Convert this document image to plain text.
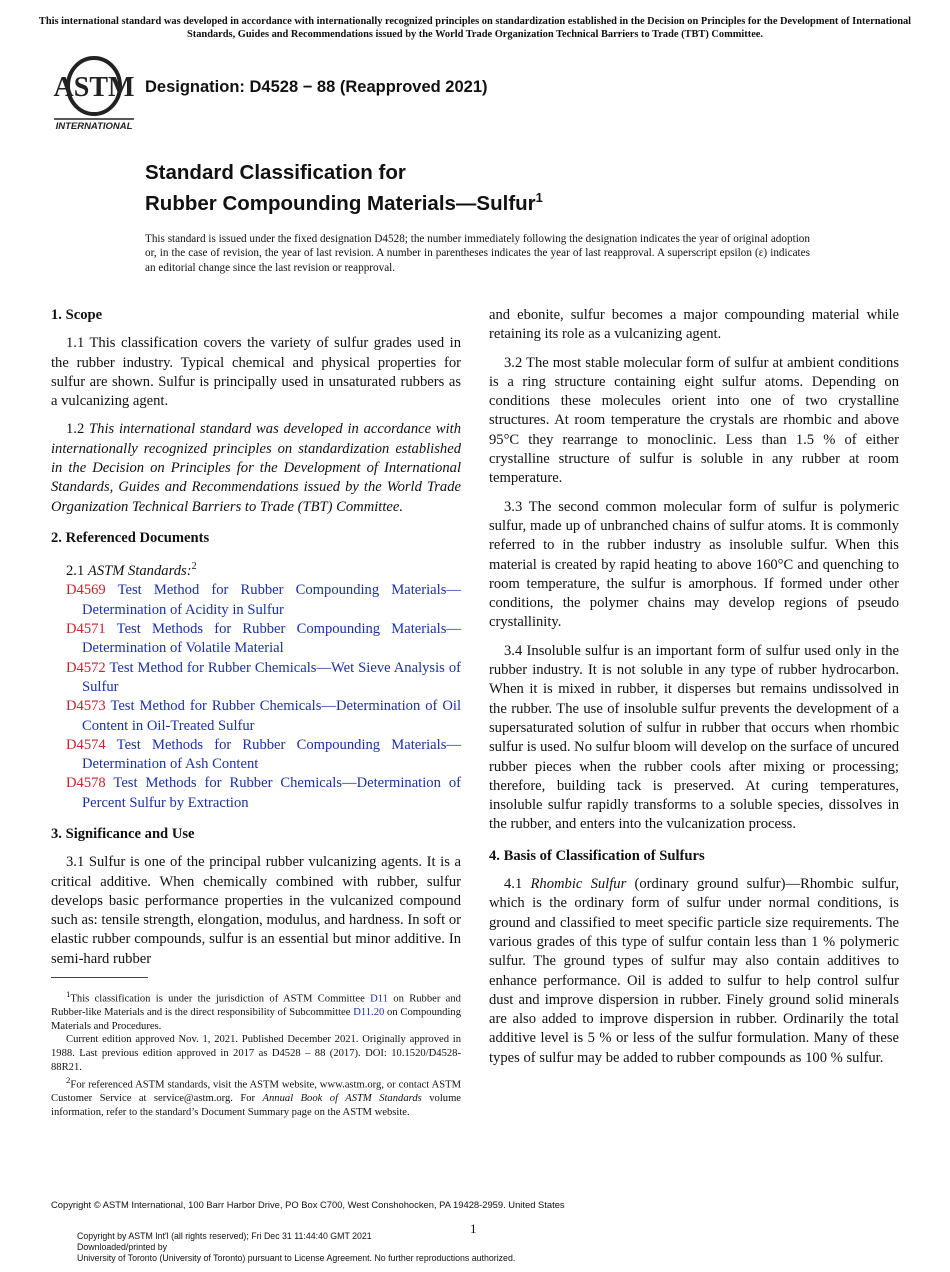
This international standard was developed in accordance with internationally recognized principles on standardization established in the Decision on Principles for the Development of International Standards, Guides and Recommendations issued by the World Trade Organization Technical Barriers to Trade (TBT) Committee.
ASTM
INTERNATIONAL
Designation: D4528 − 88 (Reapproved 2021)
Standard Classification for
Rubber Compounding Materials—Sulfur$^1$
This standard is issued under the fixed designation D4528; the number immediately following the designation indicates the year of original adoption or, in the case of revision, the year of last revision. A number in parentheses indicates the year of last reapproval. A superscript epsilon (ε) indicates an editorial change since the last revision or reapproval.
1. Scope

1.1 This classification covers the variety of sulfur grades used in the rubber industry. Typical chemical and physical properties for sulfur are shown. Sulfur is principally used in unsaturated rubbers as a vulcanizing agent.

1.2 This international standard was developed in accordance with internationally recognized principles on standardization established in the Decision on Principles for the Development of International Standards, Guides and Recommendations issued by the World Trade Organization Technical Barriers to Trade (TBT) Committee.

2. Referenced Documents

2.1 ASTM Standards:$^2$

D4569 Test Method for Rubber Compounding Materials—Determination of Acidity in Sulfur

D4571 Test Methods for Rubber Compounding Materials—Determination of Volatile Material

D4572 Test Method for Rubber Chemicals—Wet Sieve Analysis of Sulfur

D4573 Test Method for Rubber Chemicals—Determination of Oil Content in Oil-Treated Sulfur

D4574 Test Methods for Rubber Compounding Materials—Determination of Ash Content

D4578 Test Methods for Rubber Chemicals—Determination of Percent Sulfur by Extraction

3. Significance and Use

3.1 Sulfur is one of the principal rubber vulcanizing agents. It is a critical additive. When chemically combined with rubber, sulfur develops basic performance properties in the vulcanized compound such as: tensile strength, elongation, modulus, and hardness. In soft or elastic rubber compounds, sulfur is an essential but minor additive. In semi-hard rubber

$^1$This classification is under the jurisdiction of ASTM Committee D11 on Rubber and Rubber-like Materials and is the direct responsibility of Subcommittee D11.20 on Compounding Materials and Procedures.

Current edition approved Nov. 1, 2021. Published December 2021. Originally approved in 1988. Last previous edition approved in 2017 as D4528 – 88 (2017). DOI: 10.1520/D4528-88R21.

$^2$For referenced ASTM standards, visit the ASTM website, www.astm.org, or contact ASTM Customer Service at service@astm.org. For Annual Book of ASTM Standards volume information, refer to the standard’s Document Summary page on the ASTM website.

and ebonite, sulfur becomes a major compounding material while retaining its role as a vulcanizing agent.

3.2 The most stable molecular form of sulfur at ambient conditions is a ring structure containing eight sulfur atoms. Depending on conditions these molecules orient into one of two crystalline structures. At room temperature the crystals are rhombic and above 95°C they rearrange to monoclinic. Less than 1.5 % of either crystalline structure of sulfur is soluble in any rubber at room temperature.

3.3 The second common molecular form of sulfur is polymeric sulfur, made up of unbranched chains of sulfur atoms. It is commonly referred to in the rubber industry as insoluble sulfur. When this material is created by rapid heating to above 160°C and quenching to room temperature, the sulfur is amorphous. If formed under other conditions, the polymer chains may develop regions of pseudo crystallinity.

3.4 Insoluble sulfur is an important form of sulfur used only in the rubber industry. It is not soluble in any type of rubber hydrocarbon. When it is mixed in rubber, it disperses but remains undissolved in the rubber. The use of insoluble sulfur prevents the development of a supersaturated solution of sulfur in rubber that occurs when rhombic sulfur is used. No sulfur bloom will develop on the surface of uncured rubber pieces when the rubber cools after mixing or processing; therefore, building tack is preserved. At curing temperatures, insoluble sulfur rapidly transforms to a soluble species, dissolves in the rubber, and enters into the vulcanization process.

4. Basis of Classification of Sulfurs

4.1 Rhombic Sulfur (ordinary ground sulfur)—Rhombic sulfur, which is the ordinary form of sulfur under normal conditions, is ground and classified to meet specific particle size requirements. The various grades of this type of sulfur contain less than 1 % polymeric sulfur. The ground types of sulfur may also contain additives to enhance performance. Oil is added to sulfur to help control sulfur dust and improve dispersion in rubber. Finely ground solid minerals are also added to improve dispersion in rubber. Ordinarily the total additive level is 5 % or less of the sulfur formulation. Many of these types of sulfur may be added to rubber compounds as 100 % sulfur.

Copyright © ASTM International, 100 Barr Harbor Drive, PO Box C700, West Conshohocken, PA 19428-2959. United States
1
Copyright by ASTM Int'l (all rights reserved); Fri Dec 31 11:44:40 GMT 2021
Downloaded/printed by
University of Toronto (University of Toronto) pursuant to License Agreement. No further reproductions authorized.
